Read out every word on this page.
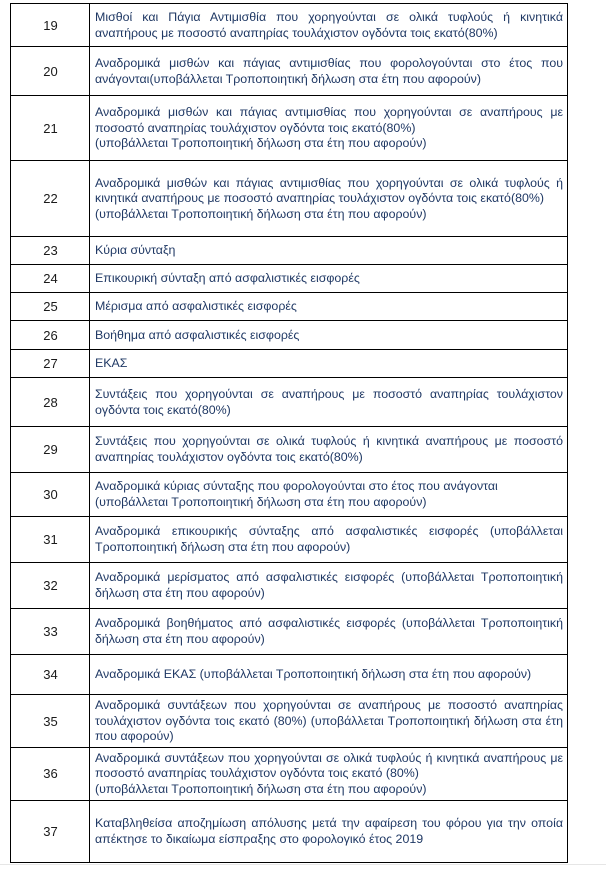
19	Μισθοί και Πάγια Αντιμισθία που χορηγούνται σε ολικά τυφλούς ή κινητικά αναπήρους με ποσοστό αναπηρίας τουλάχιστον ογδόντα τοις εκατό(80%)

20	Αναδρομικά μισθών και πάγιας αντιμισθίας που φορολογούνται στο έτος που ανάγονται(υποβάλλεται Τροποποιητική δήλωση στα έτη που αφορούν)

21	Αναδρομικά μισθών και πάγιας αντιμισθίας που χορηγούνται σε αναπήρους με ποσοστό αναπηρίας τουλάχιστον ογδόντα τοις εκατό(80%)
(υποβάλλεται Τροποποιητική δήλωση στα έτη που αφορούν)

22	Αναδρομικά μισθών και πάγιας αντιμισθίας που χορηγούνται σε ολικά τυφλούς ή κινητικά αναπήρους με ποσοστό αναπηρίας τουλάχιστον ογδόντα τοις εκατό(80%)
(υποβάλλεται Τροποποιητική δήλωση στα έτη που αφορούν)

23	Κύρια σύνταξη

24	Επικουρική σύνταξη από ασφαλιστικές εισφορές

25	Μέρισμα από ασφαλιστικές εισφορές

26	Βοήθημα από ασφαλιστικές εισφορές

27	ΕΚΑΣ

28	Συντάξεις που χορηγούνται σε αναπήρους με ποσοστό αναπηρίας τουλάχιστον ογδόντα τοις εκατό(80%)

29	Συντάξεις που χορηγούνται σε ολικά τυφλούς ή κινητικά αναπήρους με ποσοστό αναπηρίας τουλάχιστον ογδόντα τοις εκατό(80%)

30	Αναδρομικά κύριας σύνταξης που φορολογούνται στο έτος που ανάγονται
(υποβάλλεται Τροποποιητική δήλωση στα έτη που αφορούν)

31	Αναδρομικά επικουρικής σύνταξης από ασφαλιστικές εισφορές (υποβάλλεται Τροποποιητική δήλωση στα έτη που αφορούν)

32	Αναδρομικά μερίσματος από ασφαλιστικές εισφορές (υποβάλλεται Τροποποιητική δήλωση στα έτη που αφορούν)

33	Αναδρομικά βοηθήματος από ασφαλιστικές εισφορές (υποβάλλεται Τροποποιητική δήλωση στα έτη που αφορούν)

34	Αναδρομικά ΕΚΑΣ (υποβάλλεται Τροποποιητική δήλωση στα έτη που αφορούν)

35	Αναδρομικά συντάξεων που χορηγούνται σε αναπήρους με ποσοστό αναπηρίας τουλάχιστον ογδόντα τοις εκατό (80%) (υποβάλλεται Τροποποιητική δήλωση στα έτη που αφορούν)

36	Αναδρομικά συντάξεων που χορηγούνται σε ολικά τυφλούς ή κινητικά αναπήρους με ποσοστό αναπηρίας τουλάχιστον ογδόντα τοις εκατό (80%)
(υποβάλλεται Τροποποιητική δήλωση στα έτη που αφορούν)

37	Καταβληθείσα αποζημίωση απόλυσης μετά την αφαίρεση του φόρου για την οποία απέκτησε το δικαίωμα είσπραξης στο φορολογικό έτος 2019
